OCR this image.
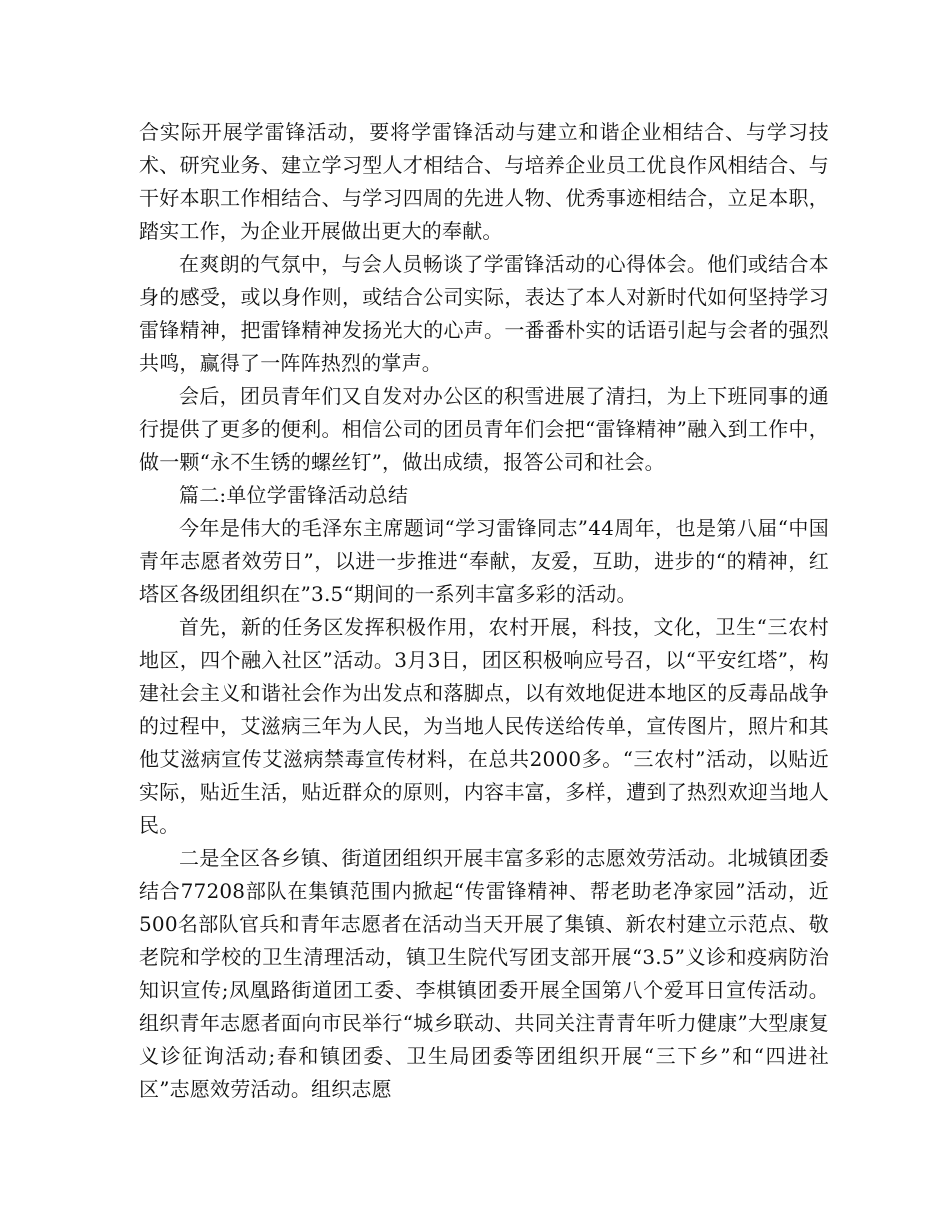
合实际开展学雷锋活动，要将学雷锋活动与建立和谐企业相结合、与学习技术、研究业务、建立学习型人才相结合、与培养企业员工优良作风相结合、与干好本职工作相结合、与学习四周的先进人物、优秀事迹相结合，立足本职，踏实工作，为企业开展做出更大的奉献。

在爽朗的气氛中，与会人员畅谈了学雷锋活动的心得体会。他们或结合本身的感受，或以身作则，或结合公司实际，表达了本人对新时代如何坚持学习雷锋精神，把雷锋精神发扬光大的心声。一番番朴实的话语引起与会者的强烈共鸣，赢得了一阵阵热烈的掌声。

会后，团员青年们又自发对办公区的积雪进展了清扫，为上下班同事的通行提供了更多的便利。相信公司的团员青年们会把“雷锋精神”融入到工作中，做一颗“永不生锈的螺丝钉”，做出成绩，报答公司和社会。

篇二:单位学雷锋活动总结

今年是伟大的毛泽东主席题词“学习雷锋同志”44周年，也是第八届“中国青年志愿者效劳日”，以进一步推进“奉献，友爱，互助，进步的“的精神，红塔区各级团组织在”3.5“期间的一系列丰富多彩的活动。

首先，新的任务区发挥积极作用，农村开展，科技，文化，卫生“三农村地区，四个融入社区”活动。3月3日，团区积极响应号召，以“平安红塔”，构建社会主义和谐社会作为出发点和落脚点，以有效地促进本地区的反毒品战争的过程中，艾滋病三年为人民，为当地人民传送给传单，宣传图片，照片和其他艾滋病宣传艾滋病禁毒宣传材料，在总共2000多。“三农村”活动，以贴近实际，贴近生活，贴近群众的原则，内容丰富，多样，遭到了热烈欢迎当地人民。

二是全区各乡镇、街道团组织开展丰富多彩的志愿效劳活动。北城镇团委结合77208部队在集镇范围内掀起“传雷锋精神、帮老助老净家园”活动，近500名部队官兵和青年志愿者在活动当天开展了集镇、新农村建立示范点、敬老院和学校的卫生清理活动，镇卫生院代写团支部开展“3.5”义诊和疫病防治知识宣传;凤凰路街道团工委、李棋镇团委开展全国第八个爱耳日宣传活动。组织青年志愿者面向市民举行“城乡联动、共同关注青青年听力健康”大型康复义诊征询活动;春和镇团委、卫生局团委等团组织开展“三下乡”和“四进社区”志愿效劳活动。组织志愿
